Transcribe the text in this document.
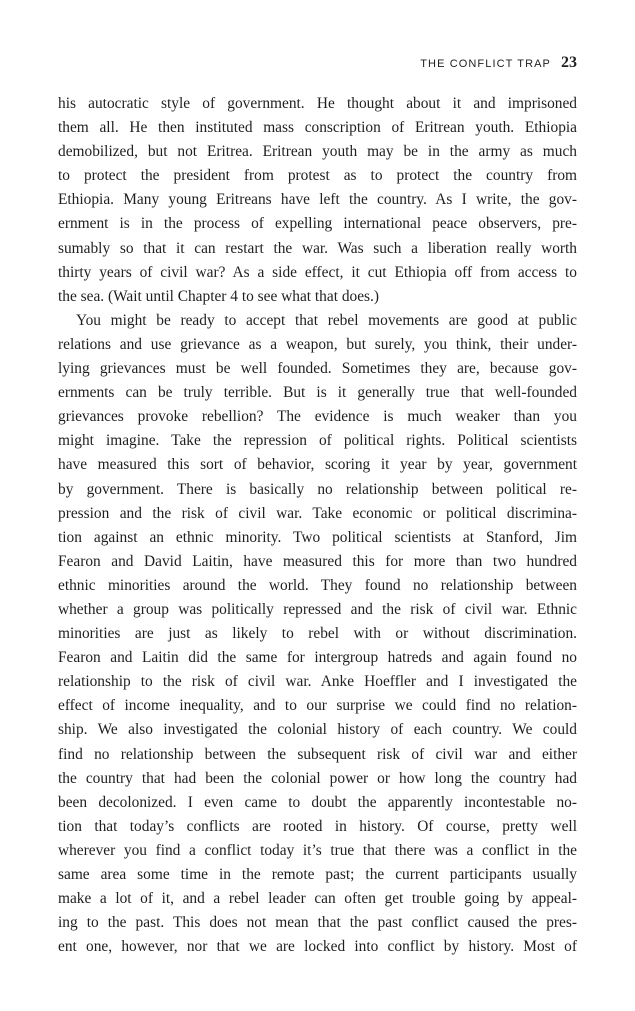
THE CONFLICT TRAP 23
his autocratic style of government. He thought about it and imprisoned
them all. He then instituted mass conscription of Eritrean youth. Ethiopia
demobilized, but not Eritrea. Eritrean youth may be in the army as much
to protect the president from protest as to protect the country from
Ethiopia. Many young Eritreans have left the country. As I write, the gov-
ernment is in the process of expelling international peace observers, pre-
sumably so that it can restart the war. Was such a liberation really worth
thirty years of civil war? As a side effect, it cut Ethiopia off from access to
the sea. (Wait until Chapter 4 to see what that does.)
You might be ready to accept that rebel movements are good at public
relations and use grievance as a weapon, but surely, you think, their under-
lying grievances must be well founded. Sometimes they are, because gov-
ernments can be truly terrible. But is it generally true that well-founded
grievances provoke rebellion? The evidence is much weaker than you
might imagine. Take the repression of political rights. Political scientists
have measured this sort of behavior, scoring it year by year, government
by government. There is basically no relationship between political re-
pression and the risk of civil war. Take economic or political discrimina-
tion against an ethnic minority. Two political scientists at Stanford, Jim
Fearon and David Laitin, have measured this for more than two hundred
ethnic minorities around the world. They found no relationship between
whether a group was politically repressed and the risk of civil war. Ethnic
minorities are just as likely to rebel with or without discrimination.
Fearon and Laitin did the same for intergroup hatreds and again found no
relationship to the risk of civil war. Anke Hoeffler and I investigated the
effect of income inequality, and to our surprise we could find no relation-
ship. We also investigated the colonial history of each country. We could
find no relationship between the subsequent risk of civil war and either
the country that had been the colonial power or how long the country had
been decolonized. I even came to doubt the apparently incontestable no-
tion that today’s conflicts are rooted in history. Of course, pretty well
wherever you find a conflict today it’s true that there was a conflict in the
same area some time in the remote past; the current participants usually
make a lot of it, and a rebel leader can often get trouble going by appeal-
ing to the past. This does not mean that the past conflict caused the pres-
ent one, however, nor that we are locked into conflict by history. Most of
